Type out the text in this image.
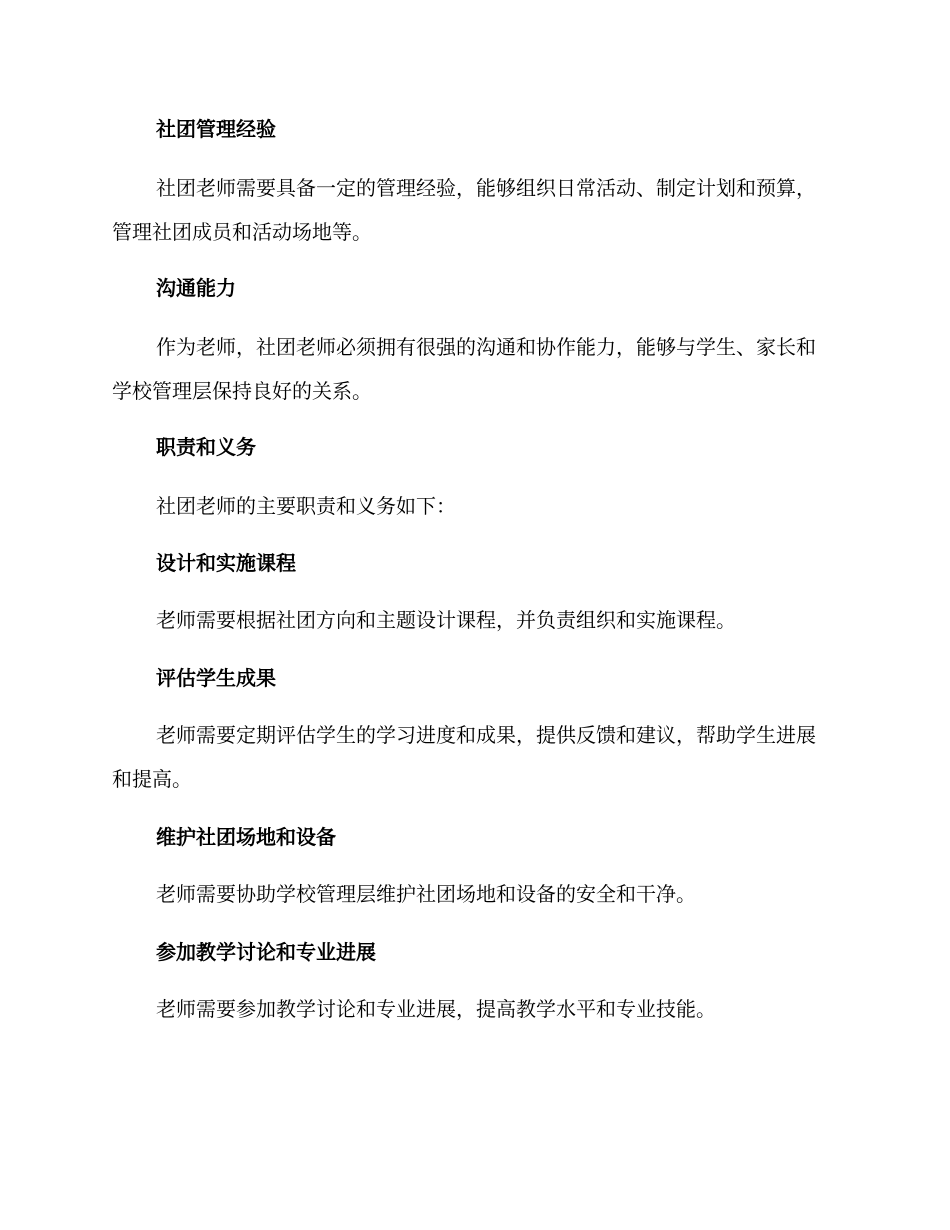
社团管理经验
社团老师需要具备一定的管理经验，能够组织日常活动、制定计划和预算，管理社团成员和活动场地等。
沟通能力
作为老师，社团老师必须拥有很强的沟通和协作能力，能够与学生、家长和学校管理层保持良好的关系。
职责和义务
社团老师的主要职责和义务如下：
设计和实施课程
老师需要根据社团方向和主题设计课程，并负责组织和实施课程。
评估学生成果
老师需要定期评估学生的学习进度和成果，提供反馈和建议，帮助学生进展和提高。
维护社团场地和设备
老师需要协助学校管理层维护社团场地和设备的安全和干净。
参加教学讨论和专业进展
老师需要参加教学讨论和专业进展，提高教学水平和专业技能。
